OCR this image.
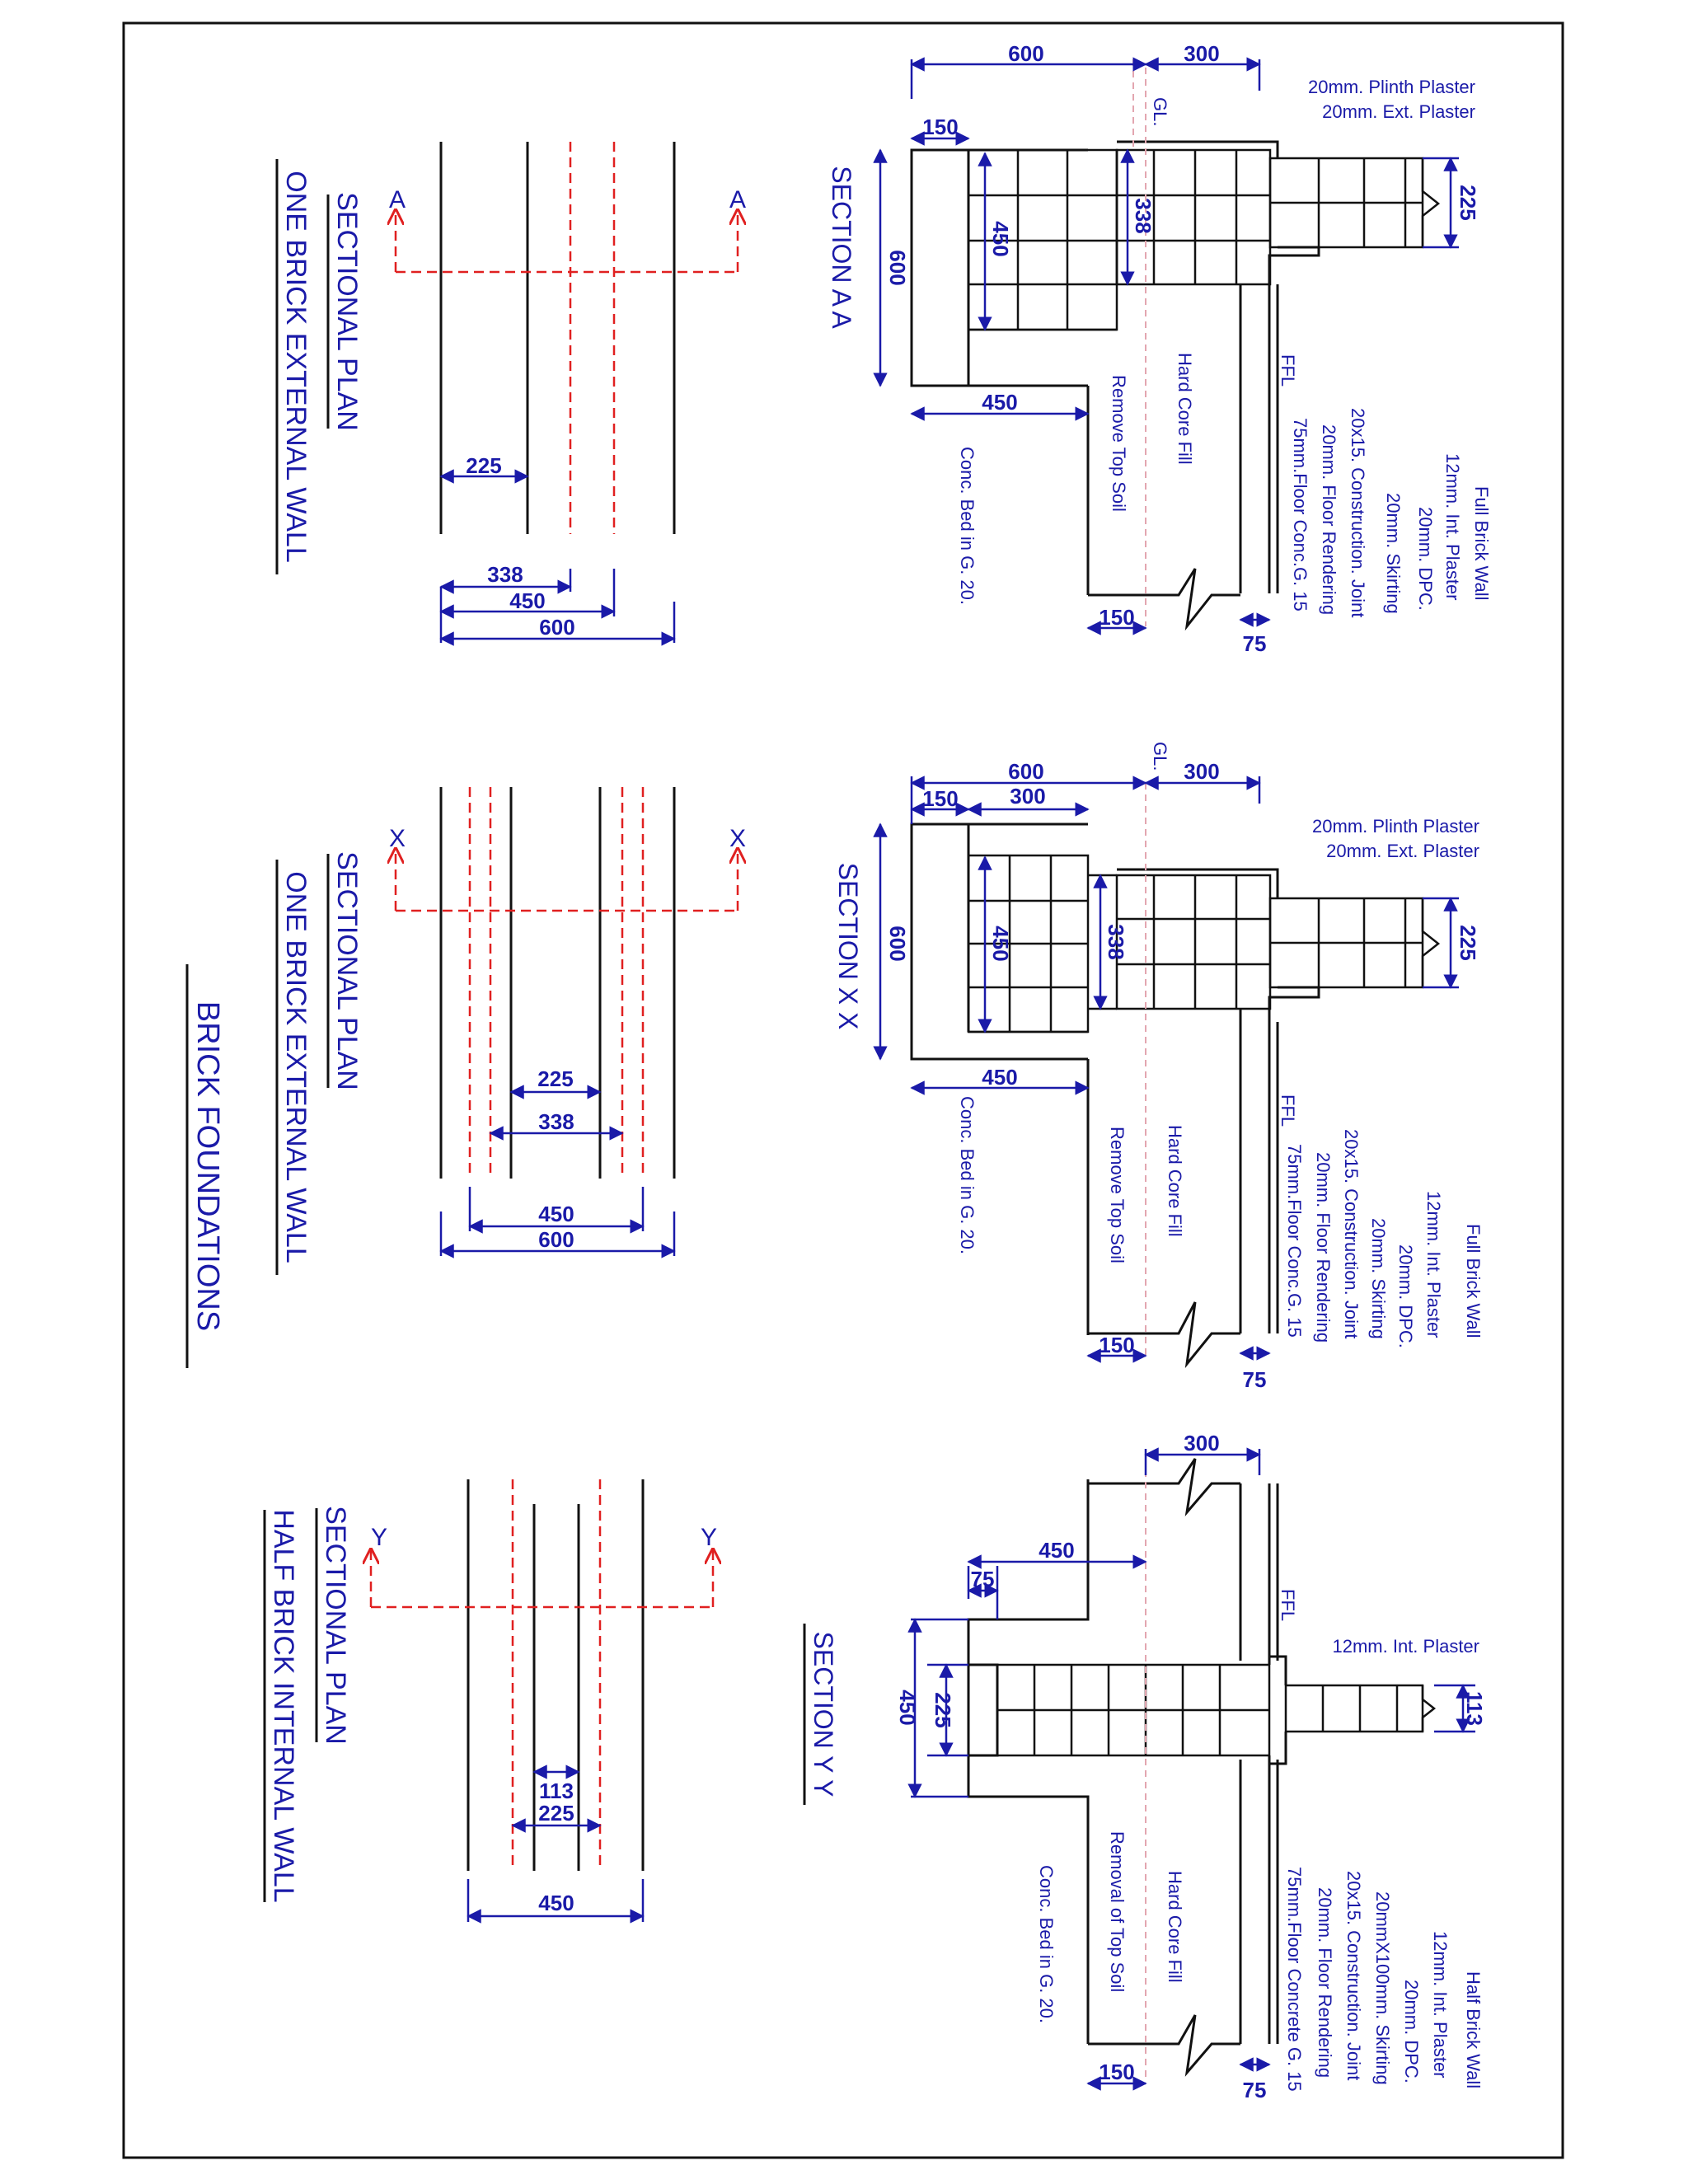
BRICK FOUNDATIONS
A	A
225
338
450
600
SECTIONAL PLAN
ONE BRICK EXTERNAL WALL
600	300
150
600
450
338
450
225
150
75
GL.
20mm. Plinth Plaster
20mm. Ext. Plaster
FFL
Hard Core Fill
Remove Top Soil
Conc. Bed in G. 20.	Full Brick Wall
12mm. Int. Plaster
20mm. DPC.
20mm. Skirting
20x15. Construction. Joint
20mm. Floor Rendering
75mm.Floor Conc.G. 15
SECTION A A
X	X
225
338
450
600
SECTIONAL PLAN
ONE BRICK EXTERNAL WALL
600	300
150 300
600	450	338
450
225
150
75
GL.
20mm. Plinth Plaster
20mm. Ext. Plaster
FFL
Hard Core Fill
Remove Top Soil
Conc. Bed in G. 20.
Full Brick Wall
12mm. Int. Plaster
20mm. DPC.
20mm. Skirting
20x15. Construction. Joint
20mm. Floor Rendering
75mm.Floor Conc.G. 15
SECTION X X
Y	Y
113
225
450
SECTIONAL PLAN
HALF BRICK INTERNAL WALL
300
450
75
450 225	113
150
75
FFL
12mm. Int. Plaster
Hard Core Fill
Removal of Top Soil
Conc. Bed in G. 20.
Half Brick Wall
12mm. Int. Plaster
20mm. DPC.
20mmX100mm. Skirting
20x15. Construction. Joint
20mm. Floor Rendering
75mm.Floor Concrete G. 15
SECTION Y Y
